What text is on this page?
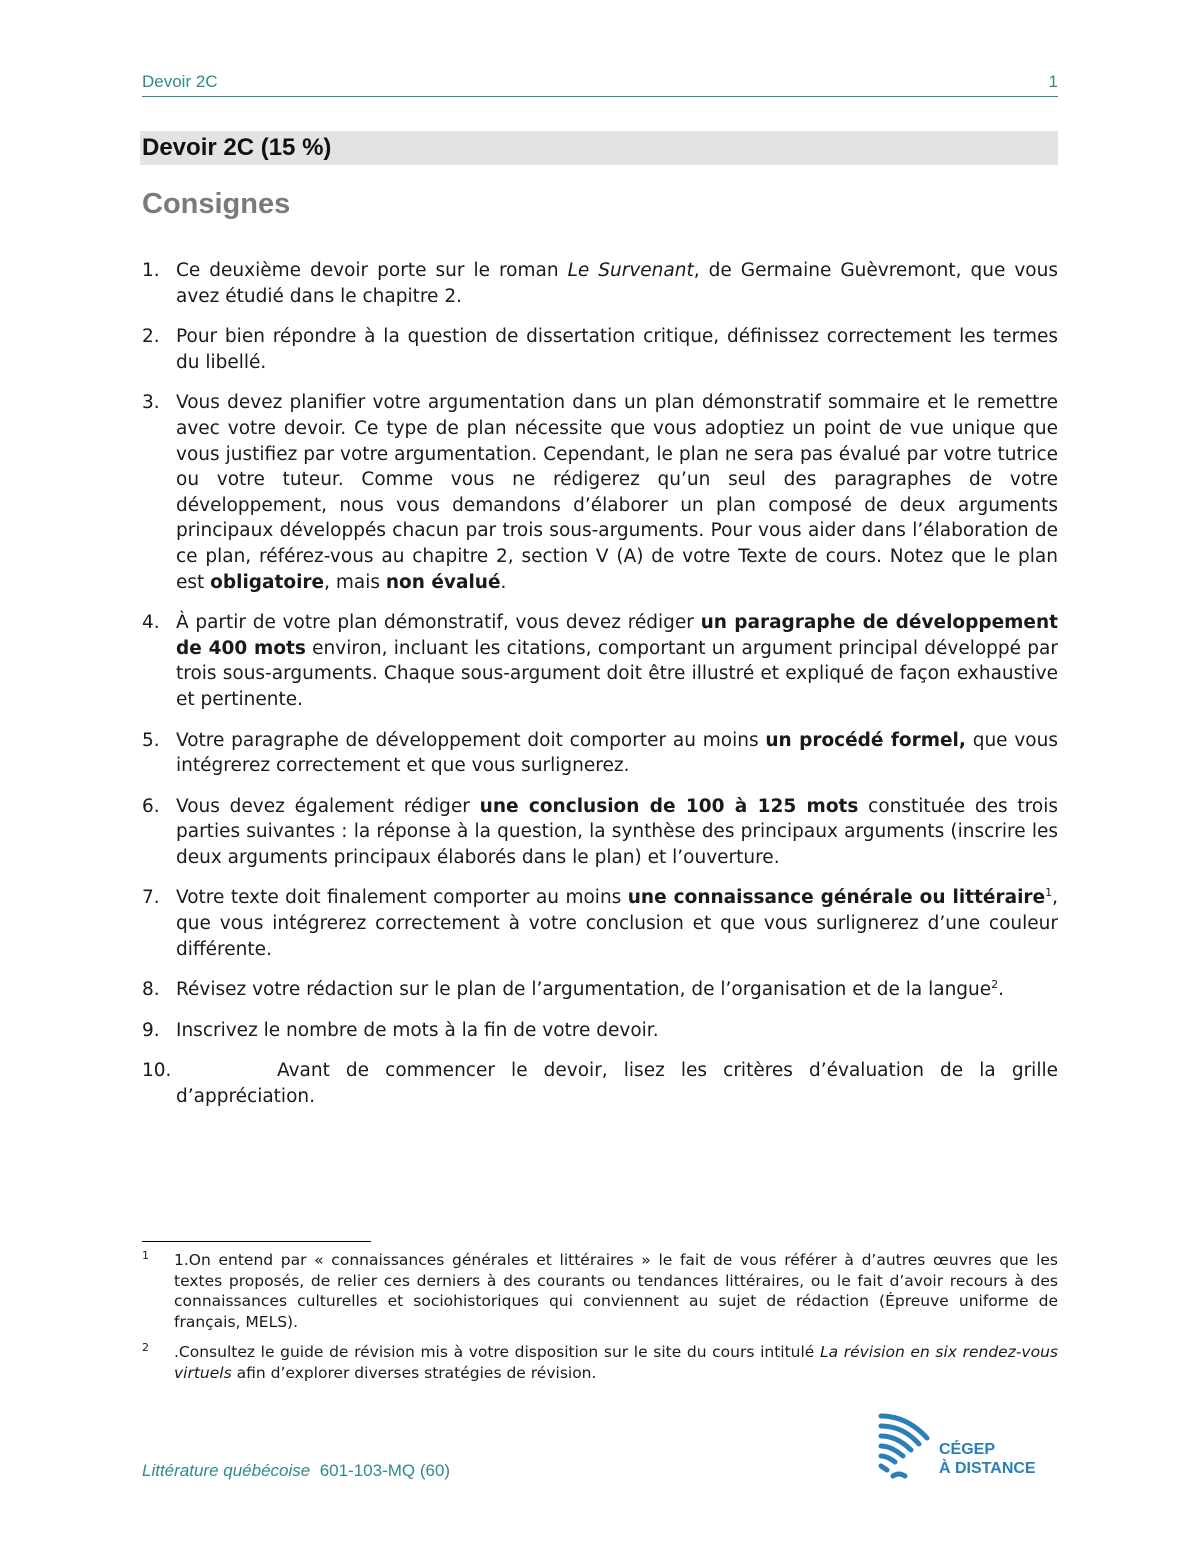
Devoir 2C	1
Devoir 2C (15 %)
Consignes
1. Ce deuxième devoir porte sur le roman Le Survenant, de Germaine Guèvremont, que vous avez étudié dans le chapitre 2.
2. Pour bien répondre à la question de dissertation critique, définissez correctement les termes du libellé.
3. Vous devez planifier votre argumentation dans un plan démonstratif sommaire et le remettre avec votre devoir. Ce type de plan nécessite que vous adoptiez un point de vue unique que vous justifiez par votre argumentation. Cependant, le plan ne sera pas évalué par votre tutrice ou votre tuteur. Comme vous ne rédigerez qu’un seul des paragraphes de votre développement, nous vous demandons d’élaborer un plan composé de deux arguments principaux développés chacun par trois sous-arguments. Pour vous aider dans l’élaboration de ce plan, référez-vous au chapitre 2, section V (A) de votre Texte de cours. Notez que le plan est obligatoire, mais non évalué.
4. À partir de votre plan démonstratif, vous devez rédiger un paragraphe de développement de 400 mots environ, incluant les citations, comportant un argument principal développé par trois sous-arguments. Chaque sous-argument doit être illustré et expliqué de façon exhaustive et pertinente.
5. Votre paragraphe de développement doit comporter au moins un procédé formel, que vous intégrerez correctement et que vous surlignerez.
6. Vous devez également rédiger une conclusion de 100 à 125 mots constituée des trois parties suivantes : la réponse à la question, la synthèse des principaux arguments (inscrire les deux arguments principaux élaborés dans le plan) et l’ouverture.
7. Votre texte doit finalement comporter au moins une connaissance générale ou littéraire$^1$, que vous intégrerez correctement à votre conclusion et que vous surlignerez d’une couleur différente.
8. Révisez votre rédaction sur le plan de l’argumentation, de l’organisation et de la langue$^2$.
9. Inscrivez le nombre de mots à la fin de votre devoir.
10.	Avant de commencer le devoir, lisez les critères d’évaluation de la grille d’appréciation.
1 1.On entend par « connaissances générales et littéraires » le fait de vous référer à d’autres œuvres que les textes proposés, de relier ces derniers à des courants ou tendances littéraires, ou le fait d’avoir recours à des connaissances culturelles et sociohistoriques qui conviennent au sujet de rédaction (Épreuve uniforme de français, MELS).
2 .Consultez le guide de révision mis à votre disposition sur le site du cours intitulé La révision en six rendez-vous virtuels afin d’explorer diverses stratégies de révision.
Littérature québécoise 601-103-MQ (60)
CÉGEP
À DISTANCE
